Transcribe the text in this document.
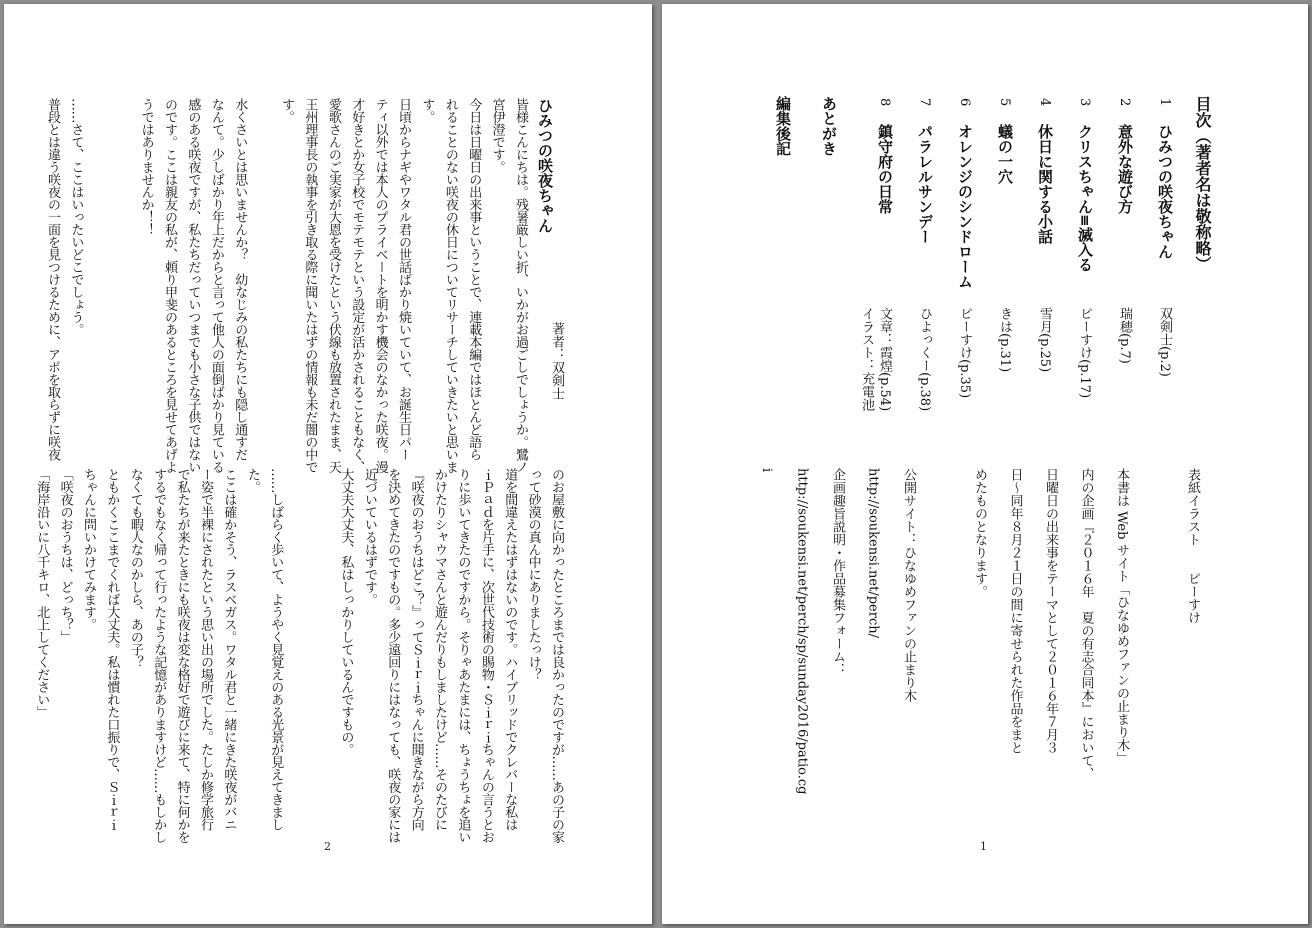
ひみつの咲夜ちゃん
著者：双剣士
皆様こんにちは。残暑厳しい折、いかがお過ごしでしょうか。鷺ノ
宮伊澄です。
今日は日曜日の出来事ということで、連載本編ではほとんど語ら
れることのない咲夜の休日についてリサーチしていきたいと思いま
す。
日頃からナギやワタル君の世話ばかり焼いていて、お誕生日パー
ティ以外では本人のプライベートを明かす機会のなかった咲夜。漫
才好きとか女子校でモテモテという設定が活かされることもなく、
愛歌さんのご実家が大恩を受けたという伏線も放置されたまま、天
王州理事長の執事を引き取る際に聞いたはずの情報も未だ闇の中で
す。
水くさいとは思いませんか？　幼なじみの私たちにも隠し通すだ
なんて。少しばかり年上だからと言って他人の面倒ばかり見ている
感のある咲夜ですが、私たちだっていつまでも小さな子供ではない
のです。ここは親友の私が、頼り甲斐のあるところを見せてあげよ
うではありませんか！！
……さて、ここはいったいどこでしょう。
普段とは違う咲夜の一面を見つけるために、アポを取らずに咲夜
のお屋敷に向かったところまでは良かったのですが……あの子の家
って砂漠の真ん中にありましたっけ？
道を間違えたはずはないのです。ハイブリッドでクレバーな私は
ｉＰａｄを片手に、次世代技術の賜物・Ｓｉｒｉちゃんの言うとお
りに歩いてきたのですから。そりゃあたまには、ちょうちょを追い
かけたりシャウマさんと遊んだりもしましたけど……そのたびに
『咲夜のおうちはどこ？』ってＳｉｒｉちゃんに聞きながら方向
を決めてきたのですもの。多少遠回りにはなっても、咲夜の家には
近づいているはずです。
大丈夫大丈夫、私はしっかりしているんですもの。
……しばらく歩いて、ようやく見覚えのある光景が見えてきまし
た。
ここは確かそう、ラスベガス。ワタル君と一緒にきた咲夜がバニ
ー姿で半裸にされたという思い出の場所でした。たしか修学旅行
で私たちが来たときにも咲夜は変な格好で遊びに来て、特に何かを
するでもなく帰って行ったような記憶がありますけど……もしかし
なくても暇人なのかしら、あの子？
ともかくここまでくれば大丈夫。私は慣れた口振りで、Ｓｉｒｉ
ちゃんに問いかけてみます。
「咲夜のおうちは、どっち？」
「海岸沿いに八千キロ、北上してください」
2
目次（著者名は敬称略）
1
ひみつの咲夜ちゃん
双剣士(p.2)
2
意外な遊び方
瑞穂(p.7)
3
クリスちゃん≡滅入る
ピーすけ(p.17)
4
休日に関する小話
雪月(p.25)
5
蟻の一穴
きは(p.31)
6
オレンジのシンドローム
ピーすけ(p.35)
7
パラレルサンデー
ひよっくー(p.38)
8
鎮守府の日常
文章：霞煌(p.54)
イラスト：充電池
あとがき
編集後記
表紙イラスト　　ピーすけ
本書は Web サイト「ひなゆめファンの止まり木」
内の企画『２０１６年　夏の有志合同本』において、
日曜日の出来事をテーマとして２０１６年７月３
日～同年８月２１日の間に寄せられた作品をまと
めたものとなります。
公開サイト：ひなゆめファンの止まり木
http://soukensi.net/perch/
企画趣旨説明・作品募集フォーム：
http://soukensi.net/perch/sp/sunday2016/patio.cg
i
1
